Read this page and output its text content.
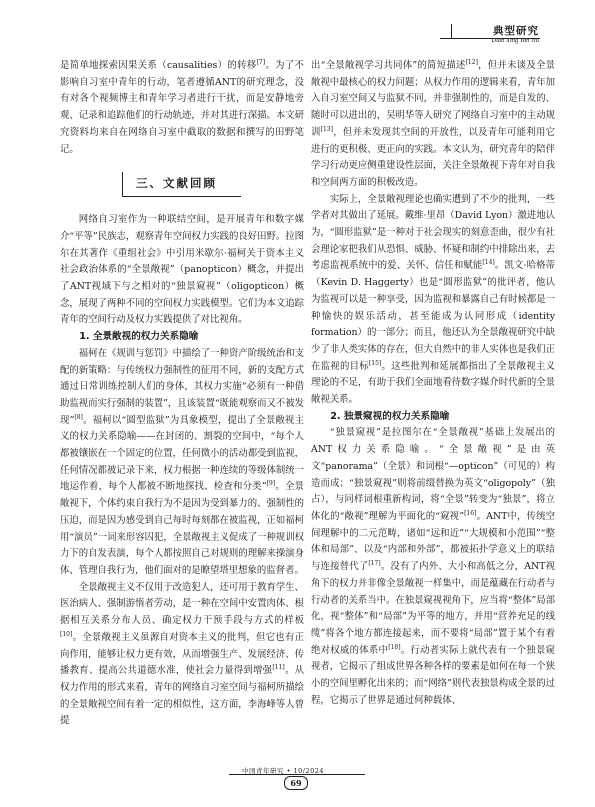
典型研究
Dian Xing Yan Jiu

是简单地探索因果关系（causalities）的转移[7]。为了不影响自习室中青年的行动，笔者遵循ANT的研究理念，没有对各个视频博主和青年学习者进行干扰，而是安静地旁观、记录和追踪他们的行动轨迹，并对其进行深描。本文研究资料均来自在网络自习室中截取的数据和撰写的田野笔记。

三、文献回顾

网络自习室作为一种联结空间，是开展青年和数字媒介“平等”民族志，观察青年空间权力实践的良好田野。拉图尔在其著作《重组社会》中引用米歇尔·福柯关于资本主义社会政治体系的“全景敞视”（panopticon）概念，并提出了ANT视域下与之相对的“独景窥视”（oligopticon）概念，展现了两种不同的空间权力实践模型。它们为本文追踪青年的空间行动及权力实践提供了对比视角。

1. 全景敞视的权力关系隐喻

福柯在《规训与惩罚》中描绘了一种资产阶级统治和支配的新策略：与传统权力强制性的征用不同，新的支配方式通过日常训练控制人们的身体，其权力实施“必须有一种借助监视而实行强制的装置”，且该装置“既能观察而又不被发现”[8]。福柯以“圆型监狱”为具象模型，提出了全景敞视主义的权力关系隐喻——在封闭的、割裂的空间中，“每个人都被镶嵌在一个固定的位置，任何微小的活动都受到监视，任何情况都被记录下来，权力根据一种连续的等级体制统一地运作着，每个人都被不断地探找、检查和分类”[9]。全景敞视下，个体约束自我行为不是因为受到暴力的、强制性的压迫，而是因为感受到自己每时每刻都在被监视，正如福柯用“演员”一词来形容囚犯，全景敞视主义促成了一种规训权力下的自发表演，每个人都按照自己对规则的理解来操演身体、管理自我行为，他们面对的是瞭望塔里想象的监督者。

全景敞视主义不仅用于改造犯人，还可用于教育学生、医治病人、强制游惰者劳动，是一种在空间中安置肉体、根据相互关系分布人员、确定权力干预手段与方式的样板[10]。全景敞视主义虽源自对资本主义的批判，但它也有正向作用，能够让权力更有效，从而增强生产、发展经济、传播教育、提高公共道德水准，使社会力量得到增强[11]。从权力作用的形式来看，青年的网络自习室空间与福柯所描绘的全景敞视空间有着一定的相似性，这方面，李海峰等人曾提

出“全景敞视学习共同体”的简短描述[12]，但并未谈及全景敞视中最核心的权力问题；从权力作用的逻辑来看，青年加入自习室空间又与监狱不同，并非强制性的，而是自发的、随时可以进出的，吴明华等人研究了网络自习室中的主动规训[13]，但并未发现其空间的开放性，以及青年可能利用它进行的更积极、更正向的实践。本文认为，研究青年的陪伴学习行动更应侧重建设性层面，关注全景敞视下青年对自我和空间两方面的积极改造。

实际上，全景敞视理论也确实遭到了不少的批判，一些学者对其做出了延展。戴维·里昂（David Lyon）激进地认为，“圆形监狱”是一种对于社会现实的刻意歪曲，很少有社会理论家把我们从恐惧、威胁、怀疑和制约中排除出来，去考虑监视系统中的爱、关怀、信任和赋能[14]。凯文·哈格蒂（Kevin D. Haggerty）也是“圆形监狱”的批评者，他认为监视可以是一种享受，因为监视和暴露自己有时候都是一种愉快的娱乐活动，甚至能成为认同形成（identity formation）的一部分；而且，他还认为全景敞视研究中缺少了非人类实体的存在，但大自然中的非人实体也是我们正在监视的目标[15]。这些批判和延展都指出了全景敞视主义理论的不足，有助于我们全面地看待数字媒介时代新的全景敞视关系。

2. 独景窥视的权力关系隐喻

“独景窥视”是拉图尔在“全景敞视”基础上发展出的ANT权力关系隐喻。“全景敞视”是由英文“panorama”（全景）和词根“—opticon”（可见的）构造而成；“独景窥视”则将前缀替换为英文“oligopoly”（独占），与同样词根重新构词，将“全景”转变为“独景”，将立体化的“敞视”理解为平面化的“窥视”[16]。ANT中，传统空间理解中的二元范畴，诸如“远和近”“大规模和小范围”“整体和局部”、以及“内部和外部”，都被拓扑学意义上的联结与连接替代了[17]。没有了内外、大小和高低之分，ANT视角下的权力并非像全景敞视一样集中，而是蕴藏在行动者与行动者的关系当中。在独景窥视视角下，应当将“整体”局部化，视“整体”和“局部”为平等的地方，并用“营养充足的线缆”将各个地方都连接起来，而不要将“局部”置于某个有着绝对权威的体系中[18]。行动者实际上就代表有一个独景窥视者，它揭示了组成世界各种各样的要素是如何在每一个狭小的空间里孵化出来的；而“网络”则代表独景构成全景的过程，它揭示了世界是通过何种载体、

中国青年研究 • 10/2024
69
